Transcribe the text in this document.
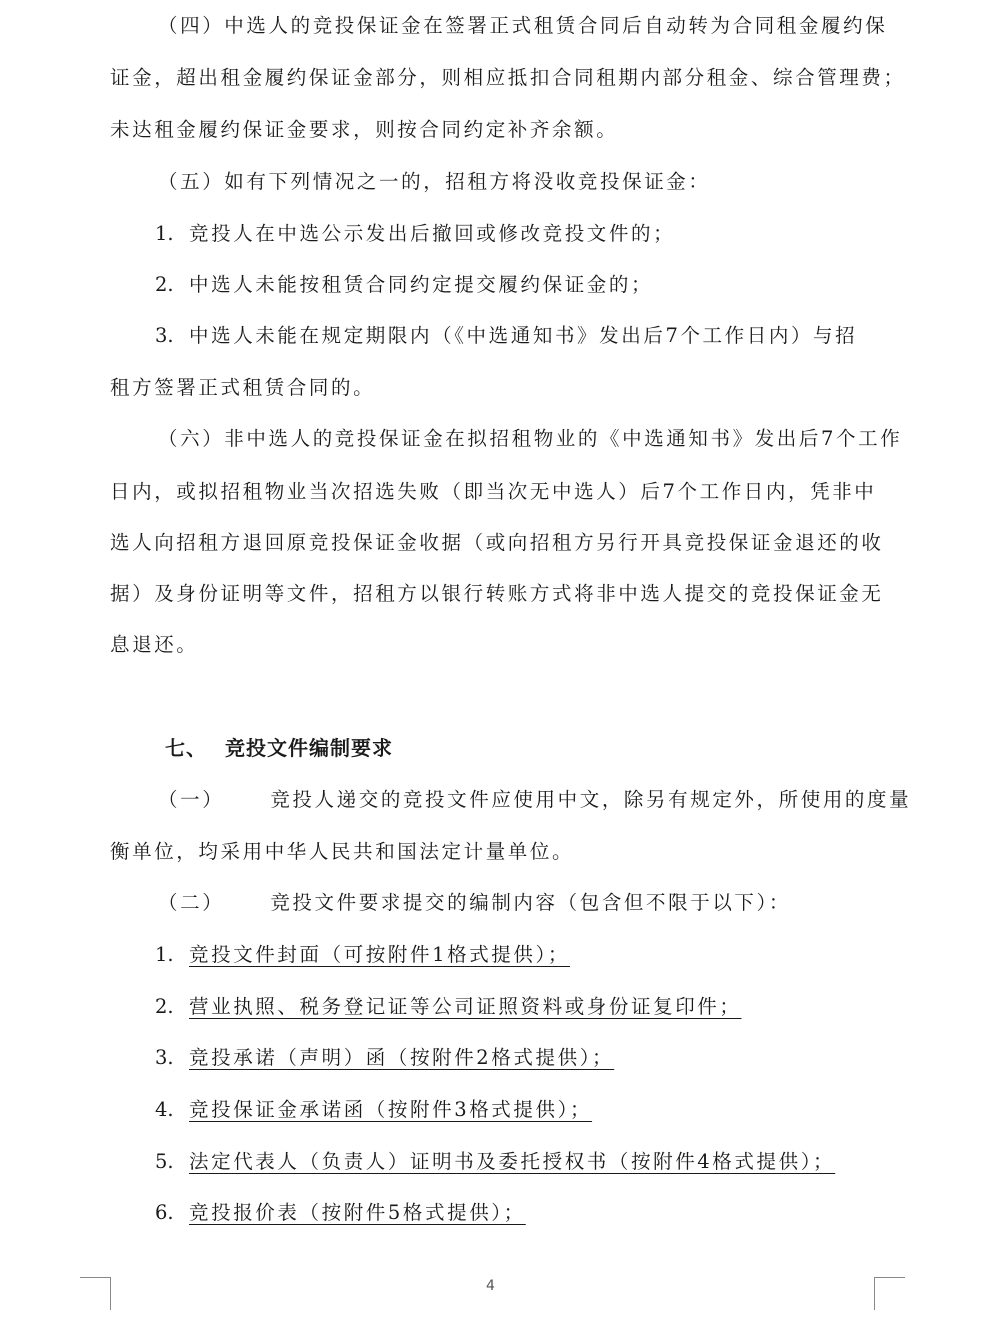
（四）中选人的竞投保证金在签署正式租赁合同后自动转为合同租金履约保
证金，超出租金履约保证金部分，则相应抵扣合同租期内部分租金、综合管理费；
未达租金履约保证金要求，则按合同约定补齐余额。
（五）如有下列情况之一的，招租方将没收竞投保证金：
1. 竞投人在中选公示发出后撤回或修改竞投文件的；
2. 中选人未能按租赁合同约定提交履约保证金的；
3. 中选人未能在规定期限内（《中选通知书》发出后7个工作日内）与招
租方签署正式租赁合同的。
（六）非中选人的竞投保证金在拟招租物业的《中选通知书》发出后7个工作
日内，或拟招租物业当次招选失败（即当次无中选人）后7个工作日内，凭非中
选人向招租方退回原竞投保证金收据（或向招租方另行开具竞投保证金退还的收
据）及身份证明等文件，招租方以银行转账方式将非中选人提交的竞投保证金无
息退还。
七、 竞投文件编制要求
（一） 竞投人递交的竞投文件应使用中文，除另有规定外，所使用的度量
衡单位，均采用中华人民共和国法定计量单位。
（二） 竞投文件要求提交的编制内容（包含但不限于以下）：
1. 竞投文件封面（可按附件1格式提供）；
2. 营业执照、税务登记证等公司证照资料或身份证复印件；
3. 竞投承诺（声明）函（按附件2格式提供）；
4. 竞投保证金承诺函（按附件3格式提供）；
5. 法定代表人（负责人）证明书及委托授权书（按附件4格式提供）；
6. 竞投报价表（按附件5格式提供）；
4
